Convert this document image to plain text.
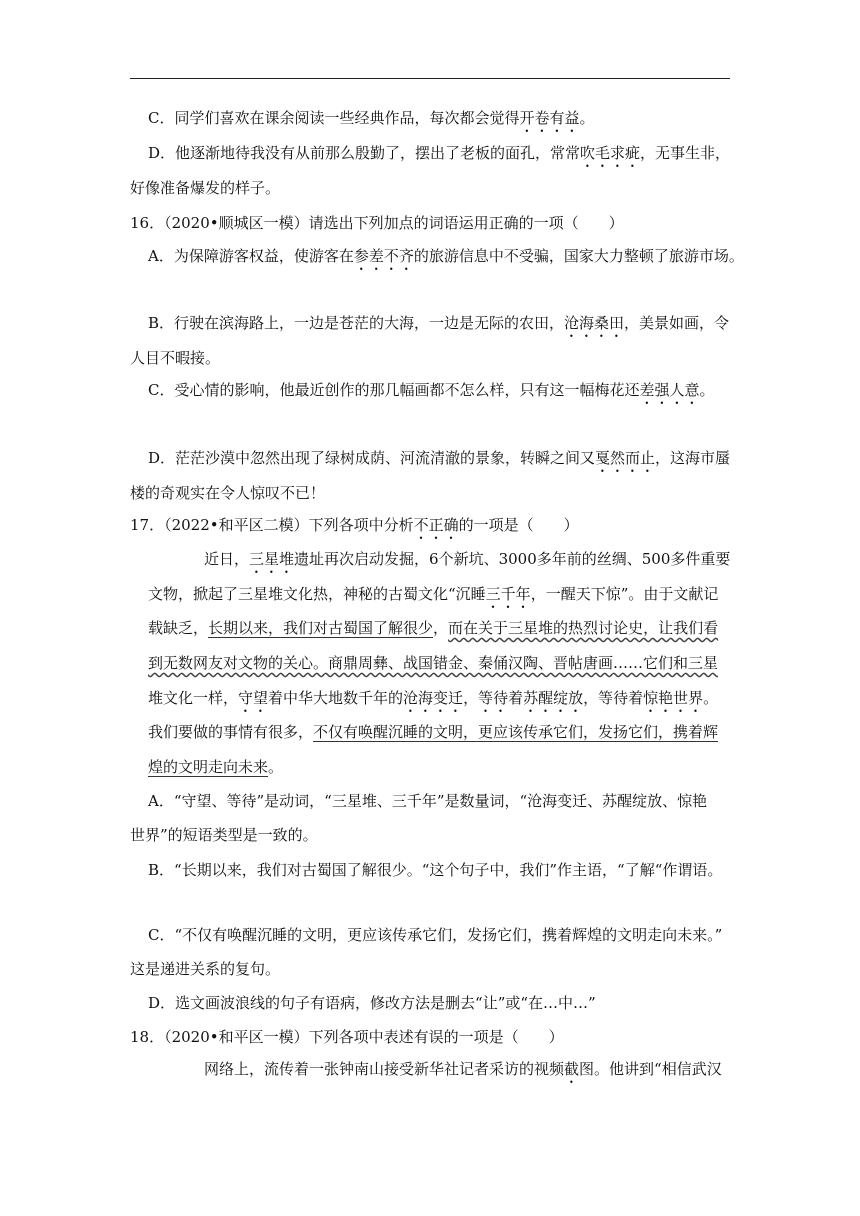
C．同学们喜欢在课余阅读一些经典作品，每次都会觉得开卷有益。
D．他逐渐地待我没有从前那么殷勤了，摆出了老板的面孔，常常吹毛求疵，无事生非，
好像准备爆发的样子。
16．（2020•顺城区一模）请选出下列加点的词语运用正确的一项（　　）
A．为保障游客权益，使游客在参差不齐的旅游信息中不受骗，国家大力整顿了旅游市场。
B．行驶在滨海路上，一边是苍茫的大海，一边是无际的农田，沧海桑田，美景如画，令
人目不暇接。
C．受心情的影响，他最近创作的那几幅画都不怎么样，只有这一幅梅花还差强人意。
D．茫茫沙漠中忽然出现了绿树成荫、河流清澈的景象，转瞬之间又戛然而止，这海市蜃
楼的奇观实在令人惊叹不已！
17．（2022•和平区二模）下列各项中分析不正确的一项是（　　）
近日，三星堆遗址再次启动发掘，6个新坑、3000多年前的丝绸、500多件重要
文物，掀起了三星堆文化热，神秘的古蜀文化“沉睡三千年，一醒天下惊”。由于文献记
载缺乏，长期以来，我们对古蜀国了解很少，而在关于三星堆的热烈讨论史，让我们看
到无数网友对文物的关心。商鼎周彝、战国错金、秦俑汉陶、晋帖唐画……它们和三星
堆文化一样，守望着中华大地数千年的沧海变迁，等待着苏醒绽放，等待着惊艳世界。
我们要做的事情有很多，不仅有唤醒沉睡的文明，更应该传承它们，发扬它们，携着辉
煌的文明走向未来。
A．“守望、等待”是动词，“三星堆、三千年”是数量词，“沧海变迁、苏醒绽放、惊艳
世界”的短语类型是一致的。
B．“长期以来，我们对古蜀国了解很少。“这个句子中，我们”作主语，“了解“作谓语。
C．“不仅有唤醒沉睡的文明，更应该传承它们，发扬它们，携着辉煌的文明走向未来。”
这是递进关系的复句。
D．选文画波浪线的句子有语病，修改方法是删去“让”或“在…中…”
18．（2020•和平区一模）下列各项中表述有误的一项是（　　）
网络上，流传着一张钟南山接受新华社记者采访的视频截图。他讲到“相信武汉
